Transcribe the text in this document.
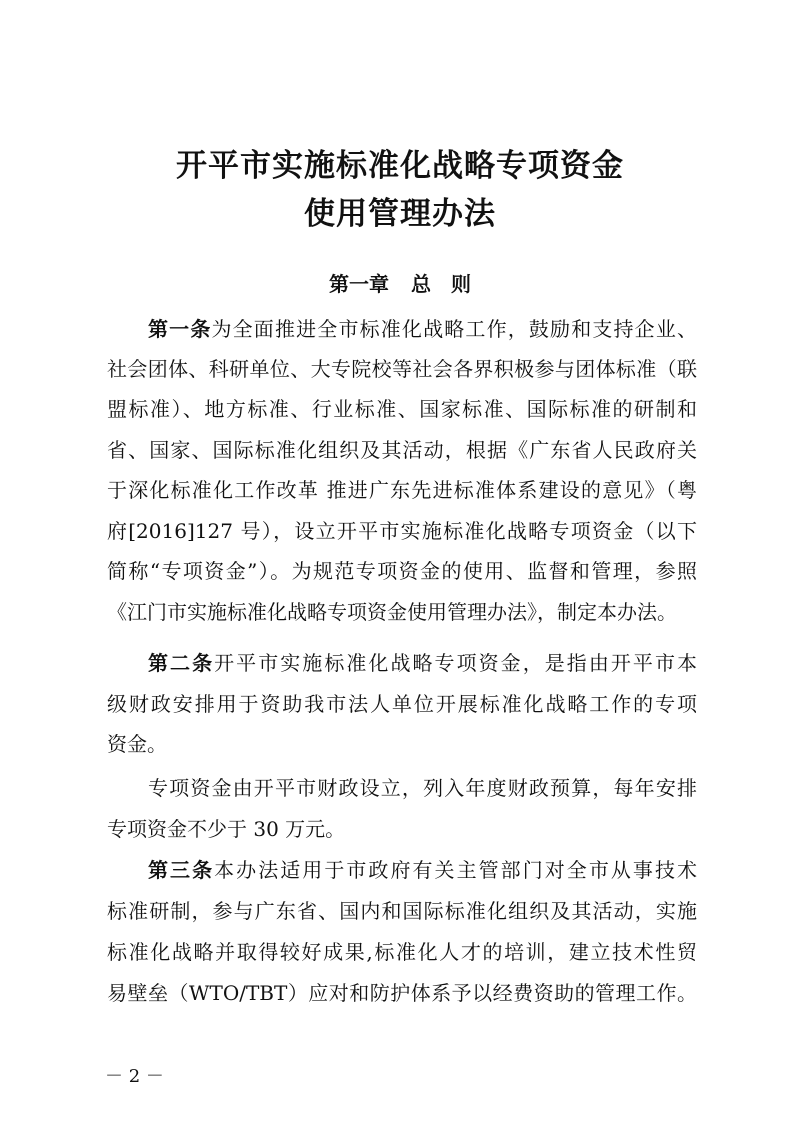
开平市实施标准化战略专项资金
使用管理办法
第一章 总　则
第一条为全面推进全市标准化战略工作，鼓励和支持企业、
社会团体、科研单位、大专院校等社会各界积极参与团体标准（联
盟标准）、地方标准、行业标准、国家标准、国际标准的研制和
省、国家、国际标准化组织及其活动，根据《广东省人民政府关
于深化标准化工作改革 推进广东先进标准体系建设的意见》（粤
府[2016]127 号），设立开平市实施标准化战略专项资金（以下
简称“专项资金”）。为规范专项资金的使用、监督和管理，参照
《江门市实施标准化战略专项资金使用管理办法》，制定本办法。
第二条开平市实施标准化战略专项资金，是指由开平市本
级财政安排用于资助我市法人单位开展标准化战略工作的专项
资金。
专项资金由开平市财政设立，列入年度财政预算，每年安排
专项资金不少于 30 万元。
第三条本办法适用于市政府有关主管部门对全市从事技术
标准研制，参与广东省、国内和国际标准化组织及其活动，实施
标准化战略并取得较好成果,标准化人才的培训，建立技术性贸
易壁垒（WTO/TBT）应对和防护体系予以经费资助的管理工作。
－ 2 －
